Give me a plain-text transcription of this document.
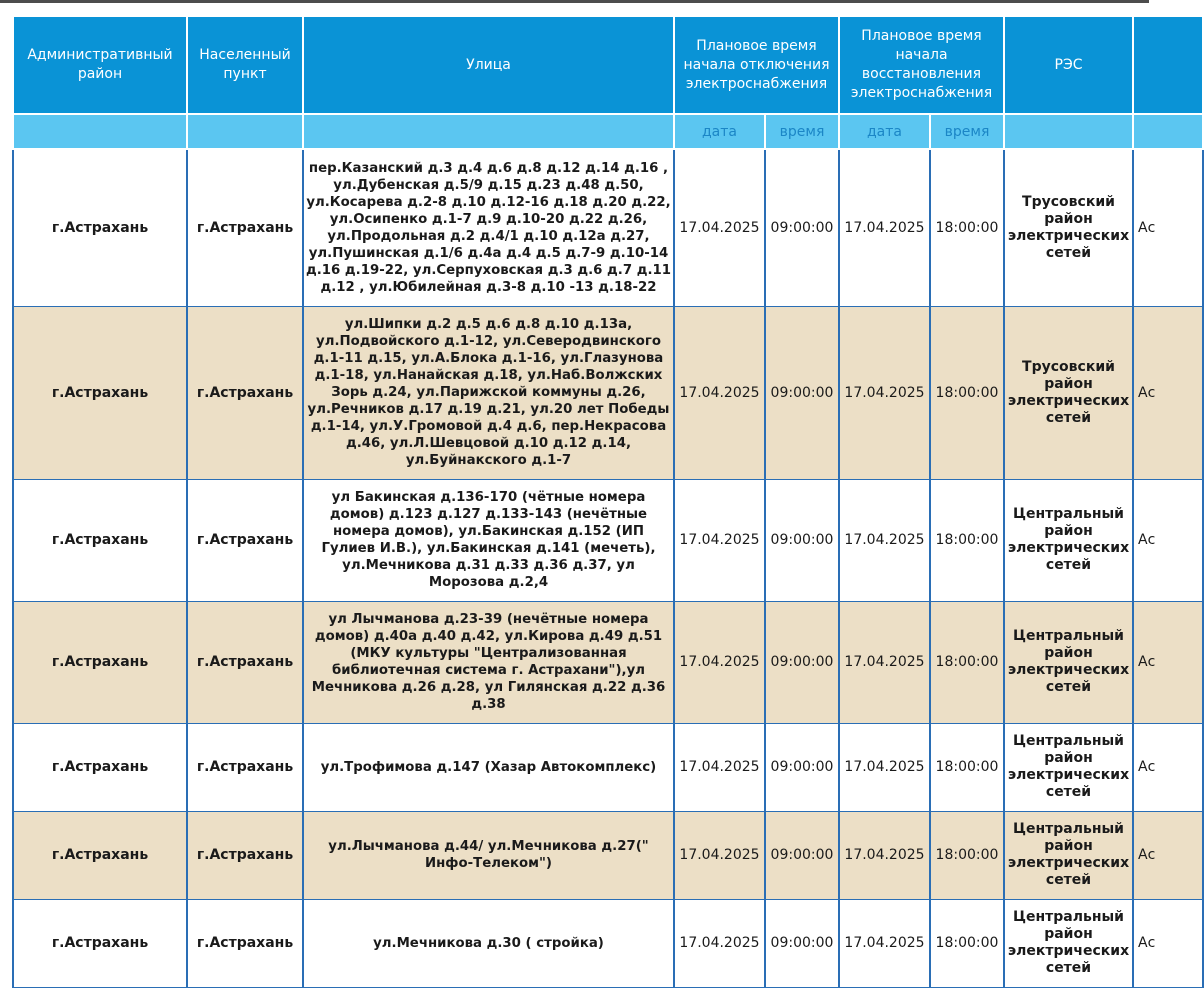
Административный район	Населенный пункт	Улица	Плановое время начала отключения электроснабжения		Плановое время начала восстановления электроснабжения		РЭС	
			дата	время	дата	время		
г.Астрахань	г.Астрахань	пер.Казанский д.3 д.4 д.6 д.8 д.12 д.14 д.16 , ул.Дубенская д.5/9 д.15 д.23 д.48 д.50, ул.Косарева д.2-8 д.10 д.12-16 д.18 д.20 д.22, ул.Осипенко д.1-7 д.9 д.10-20 д.22 д.26, ул.Продольная д.2 д.4/1 д.10 д.12а д.27, ул.Пушинская д.1/6 д.4а д.4 д.5 д.7-9 д.10-14 д.16 д.19-22, ул.Серпуховская д.3 д.6 д.7 д.11 д.12 , ул.Юбилейная д.3-8 д.10 -13 д.18-22	17.04.2025	09:00:00	17.04.2025	18:00:00	Трусовский район электрических сетей	Ас
г.Астрахань	г.Астрахань	ул.Шипки д.2 д.5 д.6 д.8 д.10 д.13а, ул.Подвойского д.1-12, ул.Северодвинского д.1-11 д.15, ул.А.Блока д.1-16, ул.Глазунова д.1-18, ул.Нанайская д.18, ул.Наб.Волжских Зорь д.24, ул.Парижской коммуны д.26, ул.Речников д.17 д.19 д.21, ул.20 лет Победы д.1-14, ул.У.Громовой д.4 д.6, пер.Некрасова д.46, ул.Л.Шевцовой д.10 д.12 д.14, ул.Буйнакского д.1-7	17.04.2025	09:00:00	17.04.2025	18:00:00	Трусовский район электрических сетей	Ас
г.Астрахань	г.Астрахань	ул Бакинская д.136-170 (чётные номера домов) д.123 д.127 д.133-143 (нечётные номера домов), ул.Бакинская д.152 (ИП Гулиев И.В.), ул.Бакинская д.141 (мечеть), ул.Мечникова д.31 д.33 д.36 д.37, ул Морозова д.2,4	17.04.2025	09:00:00	17.04.2025	18:00:00	Центральный район электрических сетей	Ас
г.Астрахань	г.Астрахань	ул Лычманова д.23-39 (нечётные номера домов) д.40а д.40 д.42, ул.Кирова д.49 д.51 (МКУ культуры "Централизованная библиотечная система г. Астрахани"),ул Мечникова д.26 д.28, ул Гилянская д.22 д.36 д.38	17.04.2025	09:00:00	17.04.2025	18:00:00	Центральный район электрических сетей	Ас
г.Астрахань	г.Астрахань	ул.Трофимова д.147 (Хазар Автокомплекс)	17.04.2025	09:00:00	17.04.2025	18:00:00	Центральный район электрических сетей	Ас
г.Астрахань	г.Астрахань	ул.Лычманова д.44/ ул.Мечникова д.27(" Инфо-Телеком")	17.04.2025	09:00:00	17.04.2025	18:00:00	Центральный район электрических сетей	Ас
г.Астрахань	г.Астрахань	ул.Мечникова д.30 ( стройка)	17.04.2025	09:00:00	17.04.2025	18:00:00	Центральный район электрических сетей	Ас
